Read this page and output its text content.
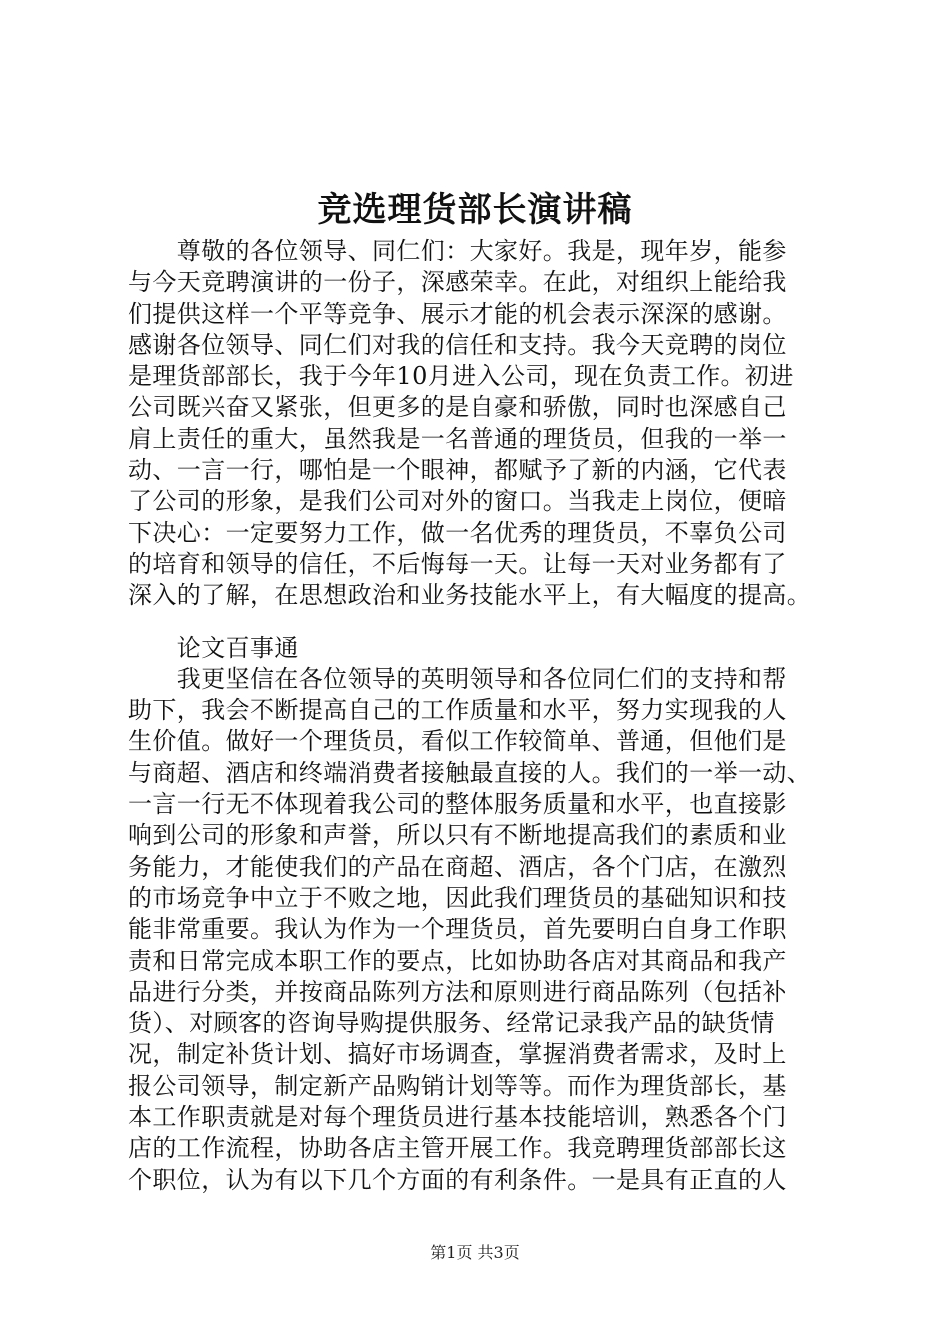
竞选理货部长演讲稿
　　尊敬的各位领导、同仁们：大家好。我是，现年岁，能参
与今天竞聘演讲的一份子，深感荣幸。在此，对组织上能给我
们提供这样一个平等竞争、展示才能的机会表示深深的感谢。
感谢各位领导、同仁们对我的信任和支持。我今天竞聘的岗位
是理货部部长，我于今年10月进入公司，现在负责工作。初进
公司既兴奋又紧张，但更多的是自豪和骄傲，同时也深感自己
肩上责任的重大，虽然我是一名普通的理货员，但我的一举一
动、一言一行，哪怕是一个眼神，都赋予了新的内涵，它代表
了公司的形象，是我们公司对外的窗口。当我走上岗位，便暗
下决心：一定要努力工作，做一名优秀的理货员，不辜负公司
的培育和领导的信任，不后悔每一天。让每一天对业务都有了
深入的了解，在思想政治和业务技能水平上，有大幅度的提高。
　　论文百事通
　　我更坚信在各位领导的英明领导和各位同仁们的支持和帮
助下，我会不断提高自己的工作质量和水平，努力实现我的人
生价值。做好一个理货员，看似工作较简单、普通，但他们是
与商超、酒店和终端消费者接触最直接的人。我们的一举一动、
一言一行无不体现着我公司的整体服务质量和水平，也直接影
响到公司的形象和声誉，所以只有不断地提高我们的素质和业
务能力，才能使我们的产品在商超、酒店，各个门店，在激烈
的市场竞争中立于不败之地，因此我们理货员的基础知识和技
能非常重要。我认为作为一个理货员，首先要明白自身工作职
责和日常完成本职工作的要点，比如协助各店对其商品和我产
品进行分类，并按商品陈列方法和原则进行商品陈列（包括补
货）、对顾客的咨询导购提供服务、经常记录我产品的缺货情
况，制定补货计划、搞好市场调查，掌握消费者需求，及时上
报公司领导，制定新产品购销计划等等。而作为理货部长，基
本工作职责就是对每个理货员进行基本技能培训，熟悉各个门
店的工作流程，协助各店主管开展工作。我竞聘理货部部长这
个职位，认为有以下几个方面的有利条件。一是具有正直的人
第1页 共3页
